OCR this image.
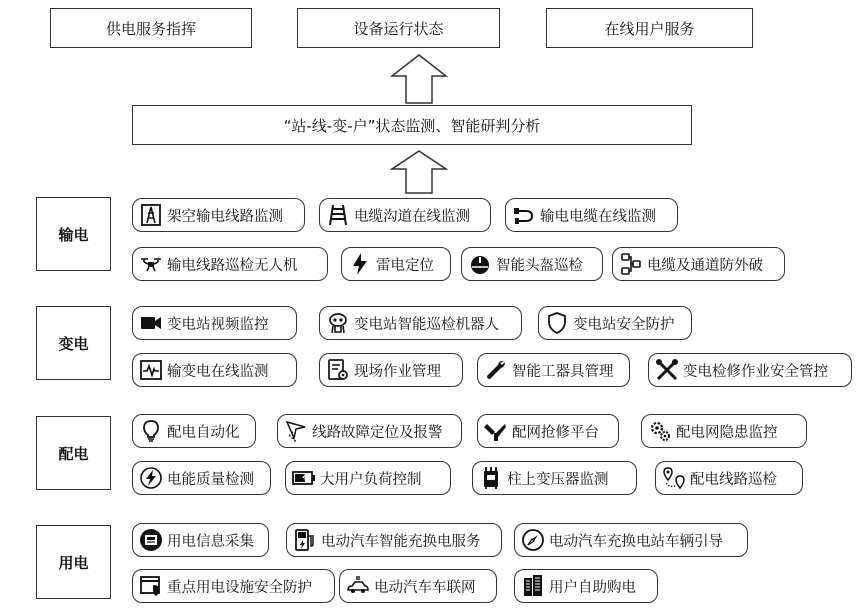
供电服务指挥	设备运行状态	在线用户服务
“站-线-变-户”状态监测、智能研判分析
输电
变电
配电
用电
架空输电线路监测	电缆沟道在线监测	输电电缆在线监测
输电线路巡检无人机	雷电定位	智能头盔巡检	电缆及通道防外破
变电站视频监控	变电站智能巡检机器人	变电站安全防护
输变电在线监测	现场作业管理	智能工器具管理	变电检修作业安全管控
配电自动化	线路故障定位及报警	配网抢修平台	配电网隐患监控
电能质量检测	大用户负荷控制	柱上变压器监测	配电线路巡检
用电信息采集	电动汽车智能充换电服务	电动汽车充换电站车辆引导
重点用电设施安全防护	电动汽车车联网	用户自助购电
